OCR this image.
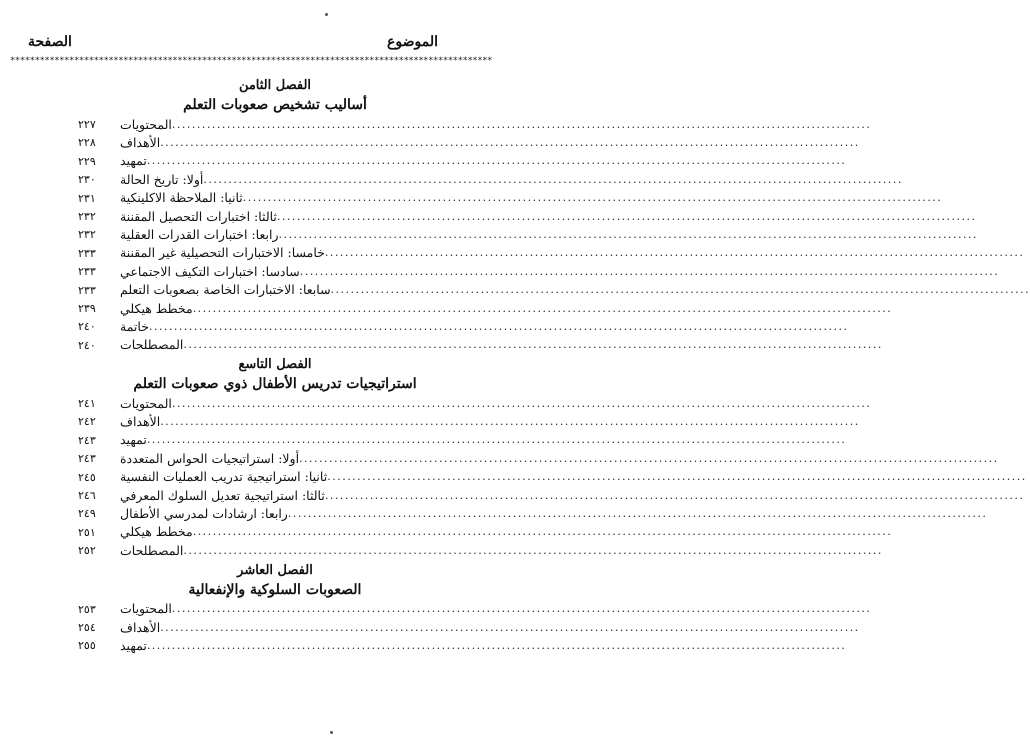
الصفحة	الموضوع
**************************************************************************************************
الفصل الثامن
أساليب تشخيص صعوبات التعلم
٢٢٧	المحتويات ............................................................................................................................................
٢٢٨	الأهداف ............................................................................................................................................
٢٢٩	تمهيد ............................................................................................................................................
٢٣٠	أولا: تاريخ الحالة ............................................................................................................................................
٢٣١	ثانيا: الملاحظة الاكلينكية ............................................................................................................................................
٢٣٢	ثالثا: اختبارات التحصيل المقننة ............................................................................................................................................
٢٣٢	رابعا: اختبارات القدرات العقلية ............................................................................................................................................
٢٣٣	خامسا: الاختبارات التحصيلية غير المقننة ............................................................................................................................................
٢٣٣	سادسا: اختبارات التكيف الاجتماعي ............................................................................................................................................
٢٣٣	سابعا: الاختبارات الخاصة بصعوبات التعلم ............................................................................................................................................
٢٣٩	مخطط هيكلي ............................................................................................................................................
٢٤٠	خاتمة ............................................................................................................................................
٢٤٠	المصطلحات ............................................................................................................................................
الفصل التاسع
استراتيجيات تدريس الأطفال ذوي صعوبات التعلم
٢٤١	المحتويات ............................................................................................................................................
٢٤٢	الأهداف ............................................................................................................................................
٢٤٣	تمهيد ............................................................................................................................................
٢٤٣	أولا: استراتيجيات الحواس المتعددة ............................................................................................................................................
٢٤٥	ثانيا: استراتيجية تدريب العمليات النفسية ............................................................................................................................................
٢٤٦	ثالثا: استراتيجية تعديل السلوك المعرفي ............................................................................................................................................
٢٤٩	رابعا: ارشادات لمدرسي الأطفال ............................................................................................................................................
٢٥١	مخطط هيكلي ............................................................................................................................................
٢٥٢	المصطلحات ............................................................................................................................................
الفصل العاشر
الصعوبات السلوكية والإنفعالية
٢٥٣	المحتويات ............................................................................................................................................
٢٥٤	الأهداف ............................................................................................................................................
٢٥٥	تمهيد ............................................................................................................................................
